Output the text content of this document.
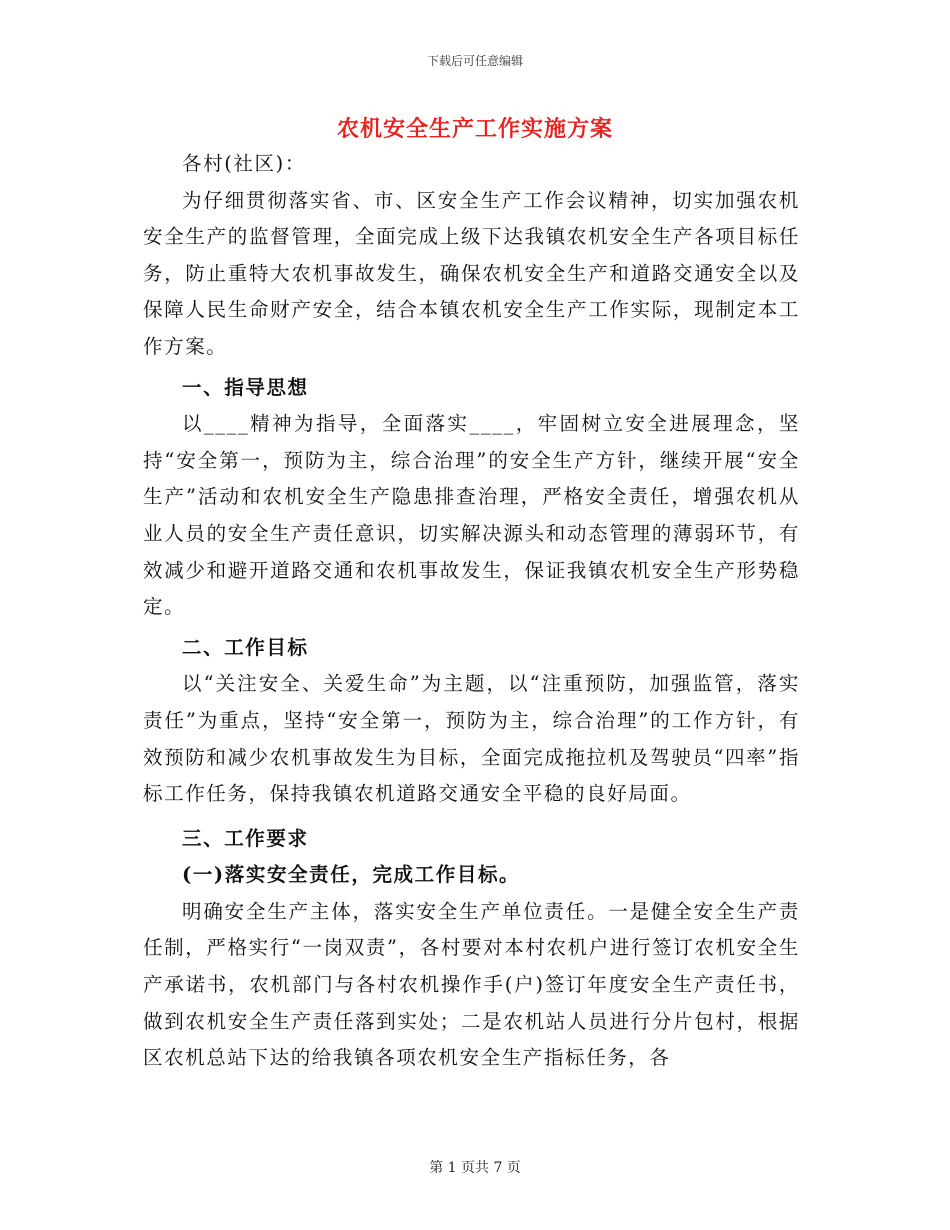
下载后可任意编辑

农机安全生产工作实施方案

各村(社区)：

为仔细贯彻落实省、市、区安全生产工作会议精神，切实加强农机安全生产的监督管理，全面完成上级下达我镇农机安全生产各项目标任务，防止重特大农机事故发生，确保农机安全生产和道路交通安全以及保障人民生命财产安全，结合本镇农机安全生产工作实际，现制定本工作方案。

一、指导思想

以____精神为指导，全面落实____，牢固树立安全进展理念，坚持“安全第一，预防为主，综合治理”的安全生产方针，继续开展“安全生产”活动和农机安全生产隐患排查治理，严格安全责任，增强农机从业人员的安全生产责任意识，切实解决源头和动态管理的薄弱环节，有效减少和避开道路交通和农机事故发生，保证我镇农机安全生产形势稳定。

二、工作目标

以“关注安全、关爱生命”为主题，以“注重预防，加强监管，落实责任”为重点，坚持“安全第一，预防为主，综合治理”的工作方针，有效预防和减少农机事故发生为目标，全面完成拖拉机及驾驶员“四率”指标工作任务，保持我镇农机道路交通安全平稳的良好局面。

三、工作要求

(一)落实安全责任，完成工作目标。

明确安全生产主体，落实安全生产单位责任。一是健全安全生产责任制，严格实行“一岗双责”，各村要对本村农机户进行签订农机安全生产承诺书，农机部门与各村农机操作手(户)签订年度安全生产责任书，做到农机安全生产责任落到实处；二是农机站人员进行分片包村，根据区农机总站下达的给我镇各项农机安全生产指标任务，各

第 1 页共 7 页
